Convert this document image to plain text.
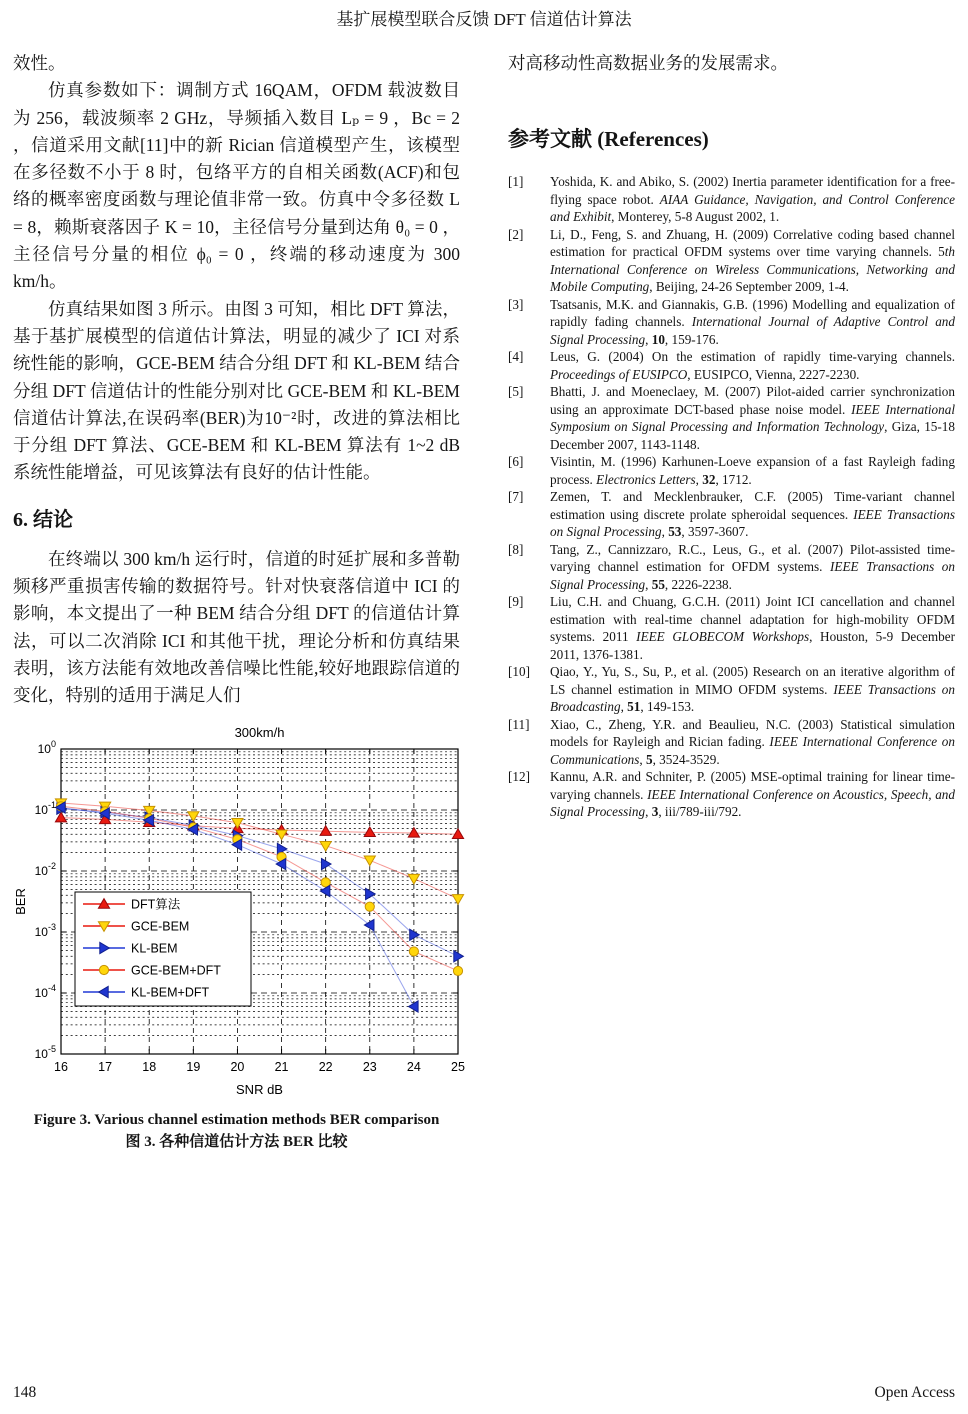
基扩展模型联合反馈 DFT 信道估计算法

效性。

仿真参数如下：调制方式 16QAM，OFDM 载波数目为 256，载波频率 2 GHz，导频插入数目 Lₚ = 9 ，Bc = 2 ，信道采用文献[11]中的新 Rician 信道模型产生，该模型在多径数不小于 8 时，包络平方的自相关函数(ACF)和包络的概率密度函数与理论值非常一致。仿真中令多径数 L = 8，赖斯衰落因子 K = 10，主径信号分量到达角 θ₀ = 0 ，主径信号分量的相位 ϕ₀ = 0 ，终端的移动速度为 300 km/h。

仿真结果如图 3 所示。由图 3 可知，相比 DFT 算法，基于基扩展模型的信道估计算法，明显的减少了 ICI 对系统性能的影响，GCE-BEM 结合分组 DFT 和 KL-BEM 结合分组 DFT 信道估计的性能分别对比 GCE-BEM 和 KL-BEM 信道估计算法,在误码率(BER)为10⁻²时，改进的算法相比于分组 DFT 算法、GCE-BEM 和 KL-BEM 算法有 1~2 dB 系统性能增益，可见该算法有良好的估计性能。

6. 结论

在终端以 300 km/h 运行时，信道的时延扩展和多普勒频移严重损害传输的数据符号。针对快衰落信道中 ICI 的影响，本文提出了一种 BEM 结合分组 DFT 的信道估计算法，可以二次消除 ICI 和其他干扰，理论分析和仿真结果表明，该方法能有效地改善信噪比性能,较好地跟踪信道的变化，特别的适用于满足人们

DFT算法
GCE-BEM
KL-BEM
GCE-BEM+DFT
KL-BEM+DFT
300km/h
SNR dB
BER
16 17 18 19 20 21 22 23 24 25
$10^0$
$10^{-1}$
$10^{-2}$
$10^{-3}$
$10^{-4}$
$10^{-5}$
Figure 3. Various channel estimation methods BER comparison
图 3. 各种信道估计方法 BER 比较

对高移动性高数据业务的发展需求。

参考文献 (References)
[1]	Yoshida, K. and Abiko, S. (2002) Inertia parameter identification for a free-flying space robot. AIAA Guidance, Navigation, and Control Conference and Exhibit, Monterey, 5-8 August 2002, 1.
[2]	Li, D., Feng, S. and Zhuang, H. (2009) Correlative coding based channel estimation for practical OFDM systems over time varying channels. 5th International Conference on Wireless Communications, Networking and Mobile Computing, Beijing, 24-26 September 2009, 1-4.
[3]	Tsatsanis, M.K. and Giannakis, G.B. (1996) Modelling and equalization of rapidly fading channels. International Journal of Adaptive Control and Signal Processing, 10, 159-176.
[4]	Leus, G. (2004) On the estimation of rapidly time-varying channels. Proceedings of EUSIPCO, EUSIPCO, Vienna, 2227-2230.
[5]	Bhatti, J. and Moeneclaey, M. (2007) Pilot-aided carrier synchronization using an approximate DCT-based phase noise model. IEEE International Symposium on Signal Processing and Information Technology, Giza, 15-18 December 2007, 1143-1148.
[6]	Visintin, M. (1996) Karhunen-Loeve expansion of a fast Rayleigh fading process. Electronics Letters, 32, 1712.
[7]	Zemen, T. and Mecklenbrauker, C.F. (2005) Time-variant channel estimation using discrete prolate spheroidal sequences. IEEE Transactions on Signal Processing, 53, 3597-3607.
[8]	Tang, Z., Cannizzaro, R.C., Leus, G., et al. (2007) Pilot-assisted time-varying channel estimation for OFDM systems. IEEE Transactions on Signal Processing, 55, 2226-2238.
[9]	Liu, C.H. and Chuang, G.C.H. (2011) Joint ICI cancellation and channel estimation with real-time channel adaptation for high-mobility OFDM systems. 2011 IEEE GLOBECOM Workshops, Houston, 5-9 December 2011, 1376-1381.
[10]	Qiao, Y., Yu, S., Su, P., et al. (2005) Research on an iterative algorithm of LS channel estimation in MIMO OFDM systems. IEEE Transactions on Broadcasting, 51, 149-153.
[11]	Xiao, C., Zheng, Y.R. and Beaulieu, N.C. (2003) Statistical simulation models for Rayleigh and Rician fading. IEEE International Conference on Communications, 5, 3524-3529.
[12]	Kannu, A.R. and Schniter, P. (2005) MSE-optimal training for linear time-varying channels. IEEE International Conference on Acoustics, Speech, and Signal Processing, 3, iii/789-iii/792.
148	Open Access
